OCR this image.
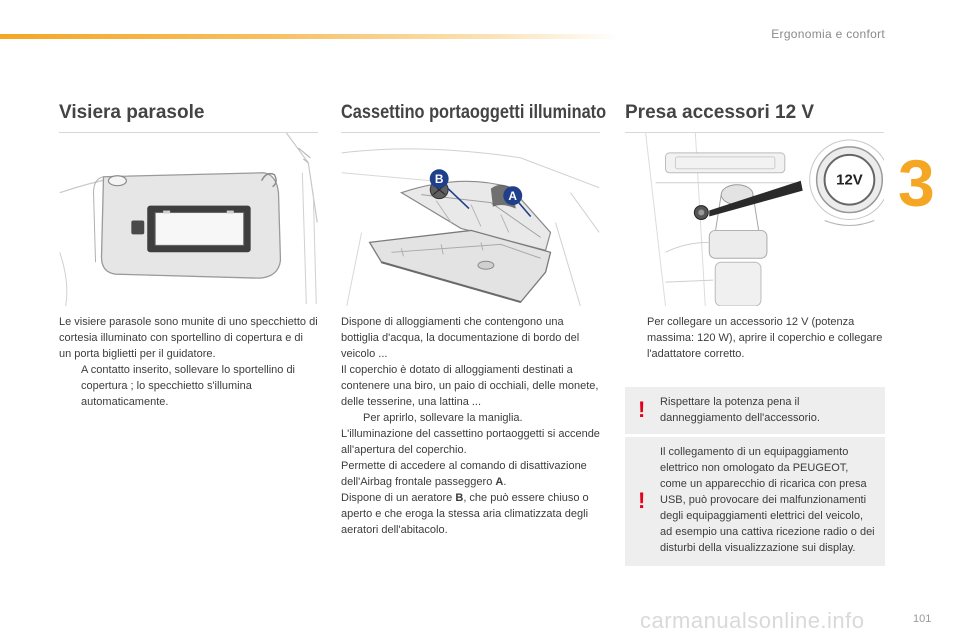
Ergonomia e confort
3
Visiera parasole

Le visiere parasole sono munite di uno specchietto di cortesia illuminato con sportellino di copertura e di un porta biglietti per il guidatore.

A contatto inserito, sollevare lo sportellino di copertura ; lo specchietto s'illumina automaticamente.

Cassettino portaoggetti illuminato
B
A

Dispone di alloggiamenti che contengono una bottiglia d'acqua, la documentazione di bordo del veicolo ...

Il coperchio è dotato di alloggiamenti destinati a contenere una biro, un paio di occhiali, delle monete, delle tesserine, una lattina ...

Per aprirlo, sollevare la maniglia.

L'illuminazione del cassettino portaoggetti si accende all'apertura del coperchio.

Permette di accedere al comando di disattivazione dell'Airbag frontale passeggero A.

Dispone di un aeratore B, che può essere chiuso o aperto e che eroga la stessa aria climatizzata degli aeratori dell'abitacolo.

Presa accessori 12 V
12V

Per collegare un accessorio 12 V (potenza massima: 120 W), aprire il coperchio e collegare l'adattatore corretto.

! Rispettare la potenza pena il danneggiamento dell'accessorio.
!
Il collegamento di un equipaggiamento elettrico non omologato da PEUGEOT, come un apparecchio di ricarica con presa USB, può provocare dei malfunzionamenti degli equipaggiamenti elettrici del veicolo, ad esempio una cattiva ricezione radio o dei disturbi della visualizzazione sui display.
101
carmanualsonline.info
